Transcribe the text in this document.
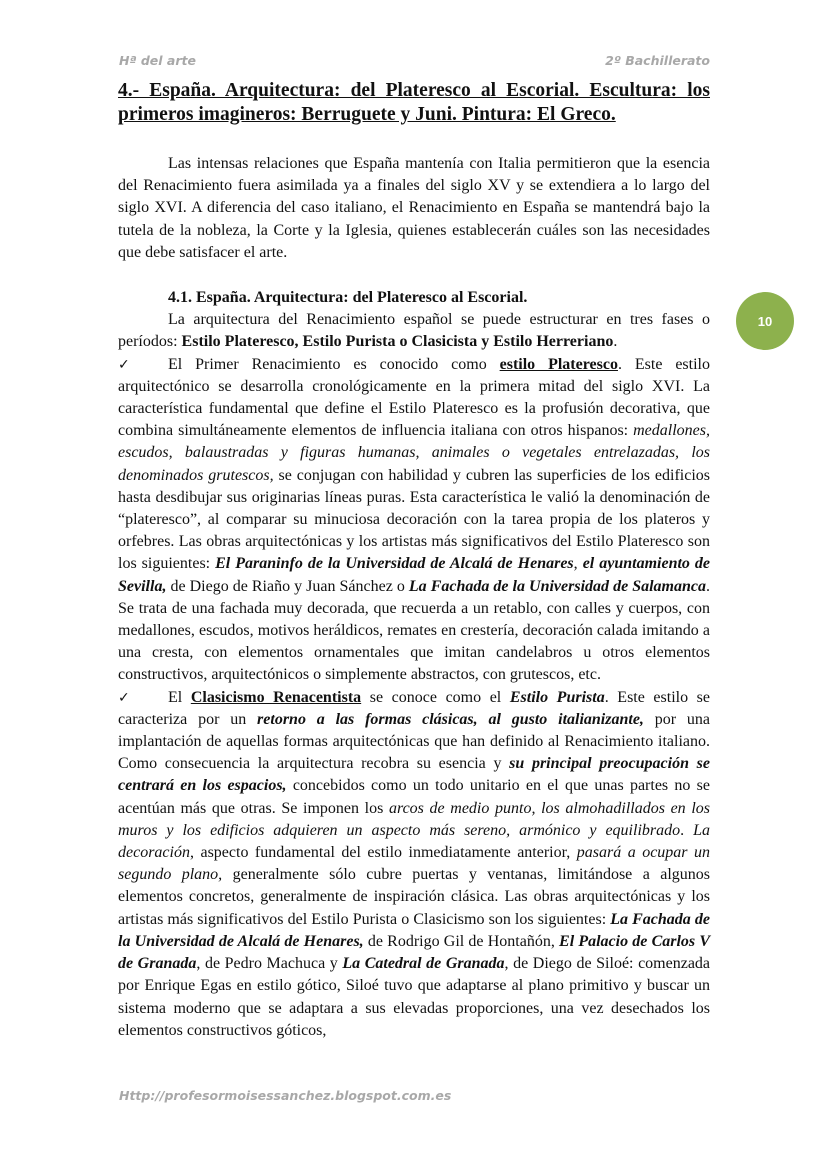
Hª del arte	2º Bachillerato
4.- España. Arquitectura: del Plateresco al Escorial. Escultura: los primeros imagineros: Berruguete y Juni. Pintura: El Greco.

Las intensas relaciones que España mantenía con Italia permitieron que la esencia del Renacimiento fuera asimilada ya a finales del siglo XV y se extendiera a lo largo del siglo XVI. A diferencia del caso italiano, el Renacimiento en España se mantendrá bajo la tutela de la nobleza, la Corte y la Iglesia, quienes establecerán cuáles son las necesidades que debe satisfacer el arte.

4.1. España. Arquitectura: del Plateresco al Escorial.

La arquitectura del Renacimiento español se puede estructurar en tres fases o períodos: Estilo Plateresco, Estilo Purista o Clasicista y Estilo Herreriano.

✓ El Primer Renacimiento es conocido como estilo Plateresco. Este estilo arquitectónico se desarrolla cronológicamente en la primera mitad del siglo XVI. La característica fundamental que define el Estilo Plateresco es la profusión decorativa, que combina simultáneamente elementos de influencia italiana con otros hispanos: medallones, escudos, balaustradas y figuras humanas, animales o vegetales entrelazadas, los denominados grutescos, se conjugan con habilidad y cubren las superficies de los edificios hasta desdibujar sus originarias líneas puras. Esta característica le valió la denominación de “plateresco”, al comparar su minuciosa decoración con la tarea propia de los plateros y orfebres. Las obras arquitectónicas y los artistas más significativos del Estilo Plateresco son los siguientes: El Paraninfo de la Universidad de Alcalá de Henares, el ayuntamiento de Sevilla, de Diego de Riaño y Juan Sánchez o La Fachada de la Universidad de Salamanca. Se trata de una fachada muy decorada, que recuerda a un retablo, con calles y cuerpos, con medallones, escudos, motivos heráldicos, remates en crestería, decoración calada imitando a una cresta, con elementos ornamentales que imitan candelabros u otros elementos constructivos, arquitectónicos o simplemente abstractos, con grutescos, etc.

✓ El Clasicismo Renacentista se conoce como el Estilo Purista. Este estilo se caracteriza por un retorno a las formas clásicas, al gusto italianizante, por una implantación de aquellas formas arquitectónicas que han definido al Renacimiento italiano. Como consecuencia la arquitectura recobra su esencia y su principal preocupación se centrará en los espacios, concebidos como un todo unitario en el que unas partes no se acentúan más que otras. Se imponen los arcos de medio punto, los almohadillados en los muros y los edificios adquieren un aspecto más sereno, armónico y equilibrado. La decoración, aspecto fundamental del estilo inmediatamente anterior, pasará a ocupar un segundo plano, generalmente sólo cubre puertas y ventanas, limitándose a algunos elementos concretos, generalmente de inspiración clásica. Las obras arquitectónicas y los artistas más significativos del Estilo Purista o Clasicismo son los siguientes: La Fachada de la Universidad de Alcalá de Henares, de Rodrigo Gil de Hontañón, El Palacio de Carlos V de Granada, de Pedro Machuca y La Catedral de Granada, de Diego de Siloé: comenzada por Enrique Egas en estilo gótico, Siloé tuvo que adaptarse al plano primitivo y buscar un sistema moderno que se adaptara a sus elevadas proporciones, una vez desechados los elementos constructivos góticos,

10
Http://profesormoisessanchez.blogspot.com.es
